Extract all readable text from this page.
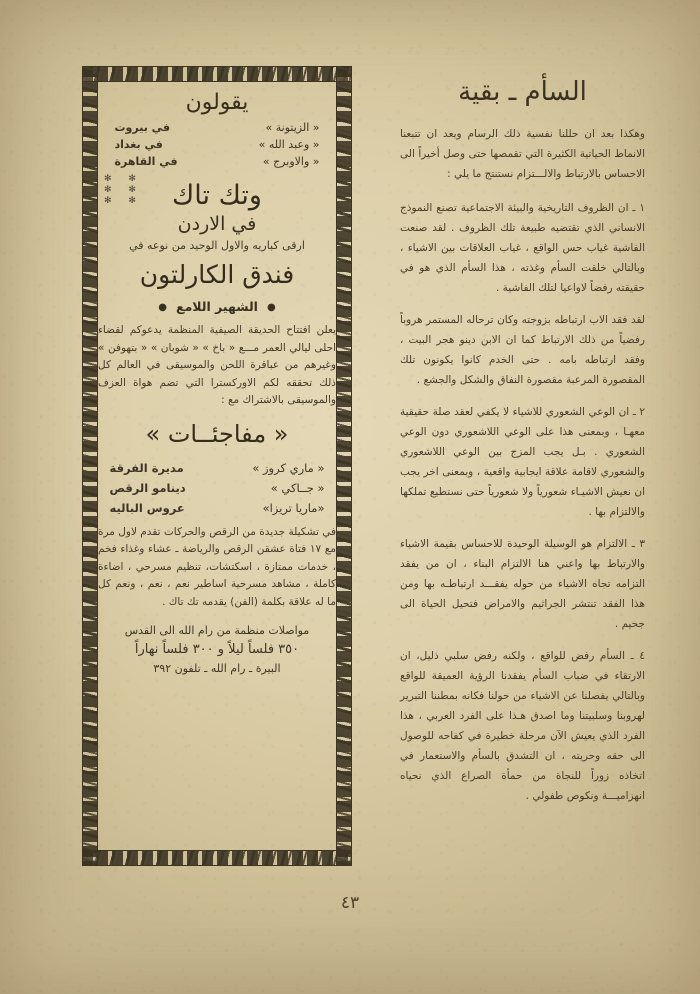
السأم ـ بقية

وهكذا بعد ان حللنا نفسية ذلك الرسام وبعد ان تتبعنا الانماط الحياتية الكثيرة التي تقمصها حتى وصل أخيراً الى الاحساس بالارتباط والالـــتزام نستنتج ما يلي :

١ ـ ان الظروف التاريخية والبيئة الاجتماعية تصنع النموذج الانساني الذي تقتضيه طبيعة تلك الظروف . لقد صنعت الفاشية غياب حس الواقع ، غياب العلاقات بين الاشياء ، وبالتالي خلقت السأم وغذته ، هذا السأم الذي هو في حقيقته رفضاً لاواعيا لتلك الفاشية .

لقد فقد الاب ارتباطه بزوجته وكان ترحاله المستمر هروباً رفضياً من ذلك الارتباط كما ان الابن دينو هجر البيت ، وفقد ارتباطه بامه . حتى الخدم كانوا يكونون تلك المقصورة المرعبة مقصورة النفاق والشكل والجشع .

٢ ـ ان الوعي الشعوري للاشياء لا يكفي لعقد صلة حقيقية معهـا ، وبمعنى هذا على الوعي اللاشعوري دون الوعي الشعوري . بـل يجب المزج بين الوعي اللاشعوري والشعوري لاقامة علاقة ايجابية واقعية ، وبمعنى اخر يجب ان نعيش الاشيـاء شعورياً ولا شعورياً حتى نستطيع تملكها والالتزام بها .

٣ ـ الالتزام هو الوسيلة الوحيدة للاحساس بقيمة الاشياء والارتباط بها واعني هنا الالتزام البناء ، ان من يفقد التزامه تجاه الاشياء من حوله يفقـــد ارتباطـه بها ومن هذا الفقد تنتشر الجراثيم والامراض فتحيل الحياة الى جحيم .

٤ ـ السأم رفض للواقع ، ولكنه رفض سلبي ذليل، ان الارتقاء في ضباب السأم يفقدنا الرؤية العميقة للواقع وبالتالي يفصلنا عن الاشياء من حولنا فكانه بمطننا التبرير لهروبنا وسلبيتنا وما اصدق هـذا على الفرد العربي ، هذا الفرد الذي يعيش الآن مرحلة خطيرة في كفاحه للوصول الى حقه وحريته ، ان التشدق بالسأم والاستعمار في اتخاذه زوراً للنجاة من حمأة الصراع الذي نحياه انهزاميـــة ونكوص طفولي .

يقولون
« الزيتونة »
في بيروت
« وعبد الله »
في بغداد
« والاوبرج »
في القاهرة
✻ ✻
✻ ✻
✻ ✻	وتك تاك
في الاردن
ارقى كباريه والاول الوحيد من نوعه في
فندق الكارلتون
●الشهير اللامع●

يعلن افتتاح الحديقة الصيفية المنظمة يدعوكم لقضاء احلى ليالي العمر مـــع « باخ » « شوبان » « بتهوفن » وغيرهم من عباقرة اللحن والموسيقى في العالم كل ذلك تحققه لكم الاوركسترا التي تضم هواة العزف والموسيقى بالاشتراك مع :

« مفاجئــات »
« ماري كروز »
مديرة الفرقة
« جــاكي »
دينامو الرقص
«ماريا تريزا»
عروس الباليه

في تشكيلة جديدة من الرقص والحركات تقدم لاول مرة مع ١٧ فتاة عشقن الرقص والرياضة ـ عشاء وغذاء فخم ، خدمات ممتازة ، اسكتشات، تنظيم مسرحي ، اضاءة كاملة ، مشاهد مسرحية اساطير نعم ، نعم ، ونعم كل ما له علاقة بكلمة (الفن) يقدمه تك تاك .

مواصلات منظمة من رام الله الى القدس
٣٥٠ فلساً ليلاً و ٣٠٠ فلساً نهاراً
البيرة ـ رام الله ـ تلفون ٣٩٢
٤٣
